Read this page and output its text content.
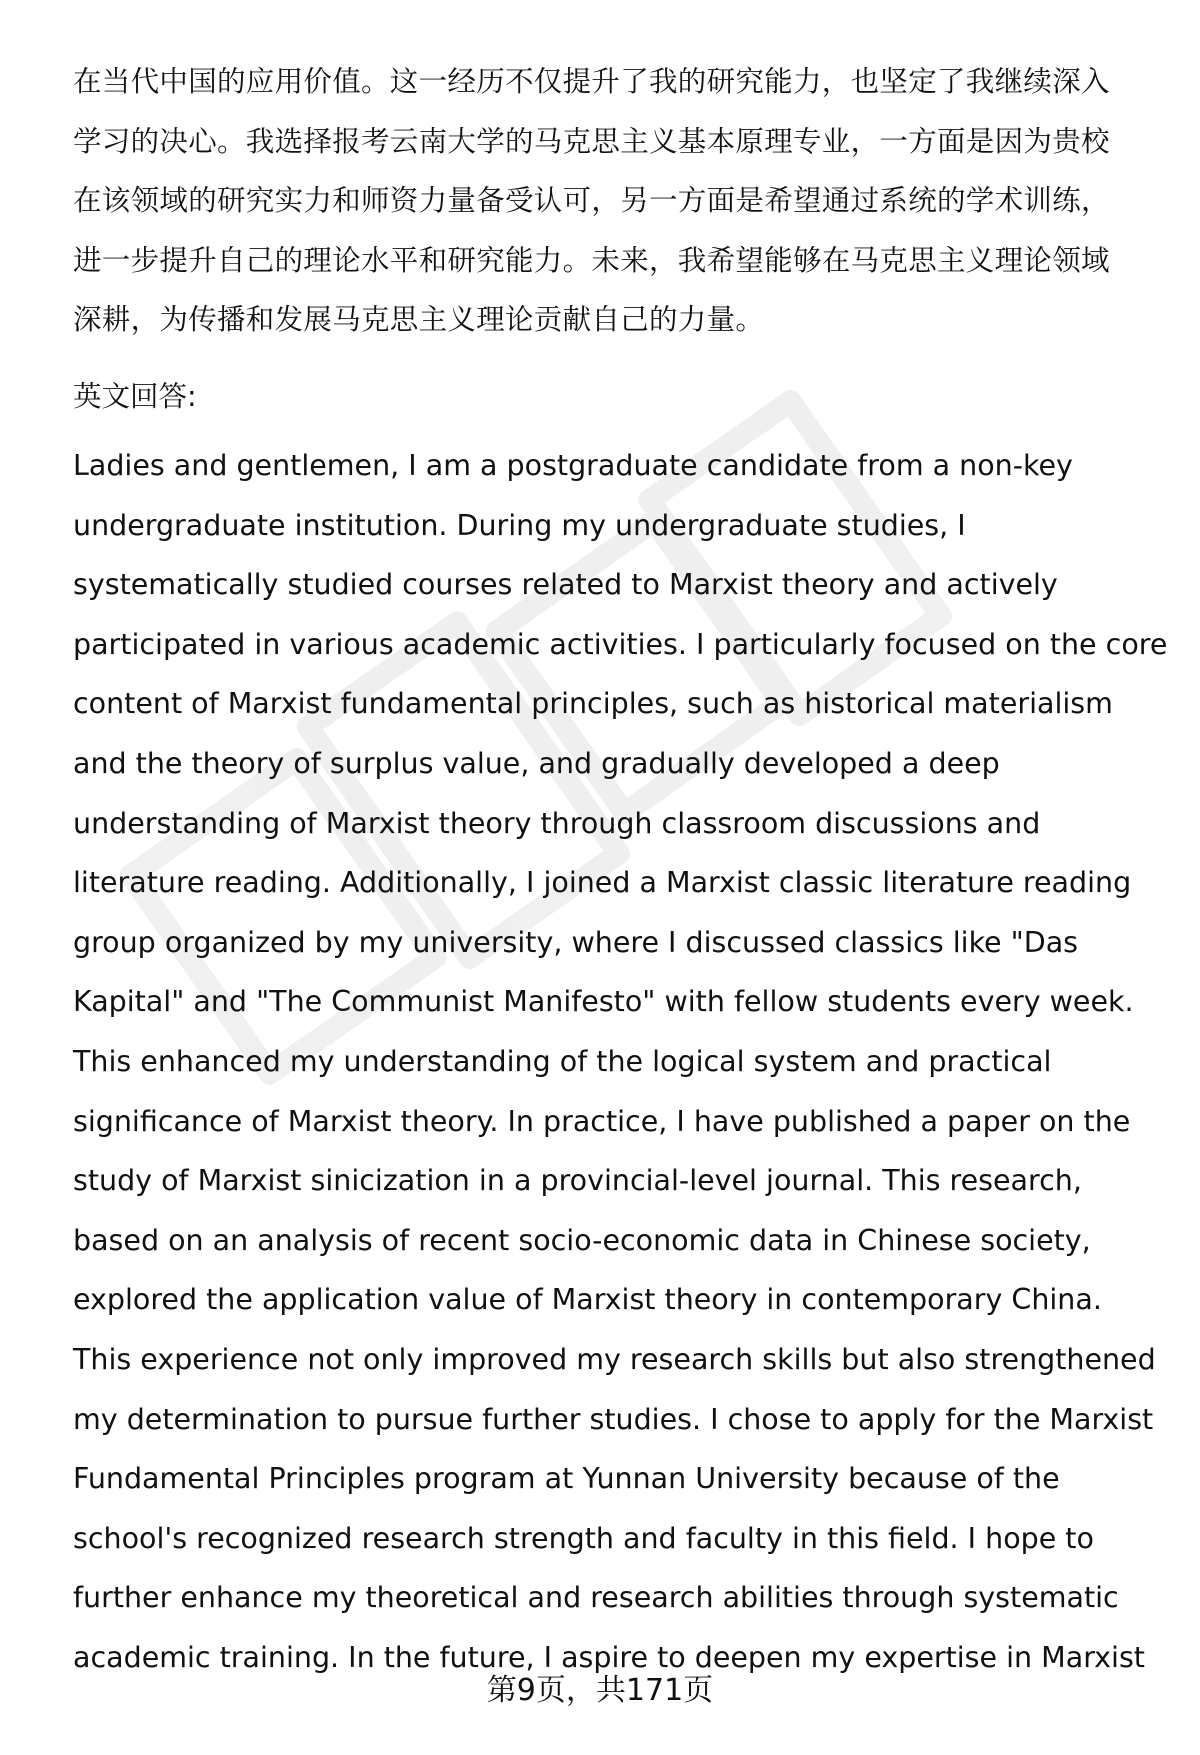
在当代中国的应用价值。这一经历不仅提升了我的研究能力，也坚定了我继续深入
学习的决心。我选择报考云南大学的马克思主义基本原理专业，一方面是因为贵校
在该领域的研究实力和师资力量备受认可，另一方面是希望通过系统的学术训练，
进一步提升自己的理论水平和研究能力。未来，我希望能够在马克思主义理论领域
深耕，为传播和发展马克思主义理论贡献自己的力量。
英文回答:
Ladies and gentlemen, I am a postgraduate candidate from a non-key
undergraduate institution. During my undergraduate studies, I
systematically studied courses related to Marxist theory and actively
participated in various academic activities. I particularly focused on the core
content of Marxist fundamental principles, such as historical materialism
and the theory of surplus value, and gradually developed a deep
understanding of Marxist theory through classroom discussions and
literature reading. Additionally, I joined a Marxist classic literature reading
group organized by my university, where I discussed classics like "Das
Kapital" and "The Communist Manifesto" with fellow students every week.
This enhanced my understanding of the logical system and practical
significance of Marxist theory. In practice, I have published a paper on the
study of Marxist sinicization in a provincial-level journal. This research,
based on an analysis of recent socio-economic data in Chinese society,
explored the application value of Marxist theory in contemporary China.
This experience not only improved my research skills but also strengthened
my determination to pursue further studies. I chose to apply for the Marxist
Fundamental Principles program at Yunnan University because of the
school's recognized research strength and faculty in this field. I hope to
further enhance my theoretical and research abilities through systematic
academic training. In the future, I aspire to deepen my expertise in Marxist
第9页，共171页
